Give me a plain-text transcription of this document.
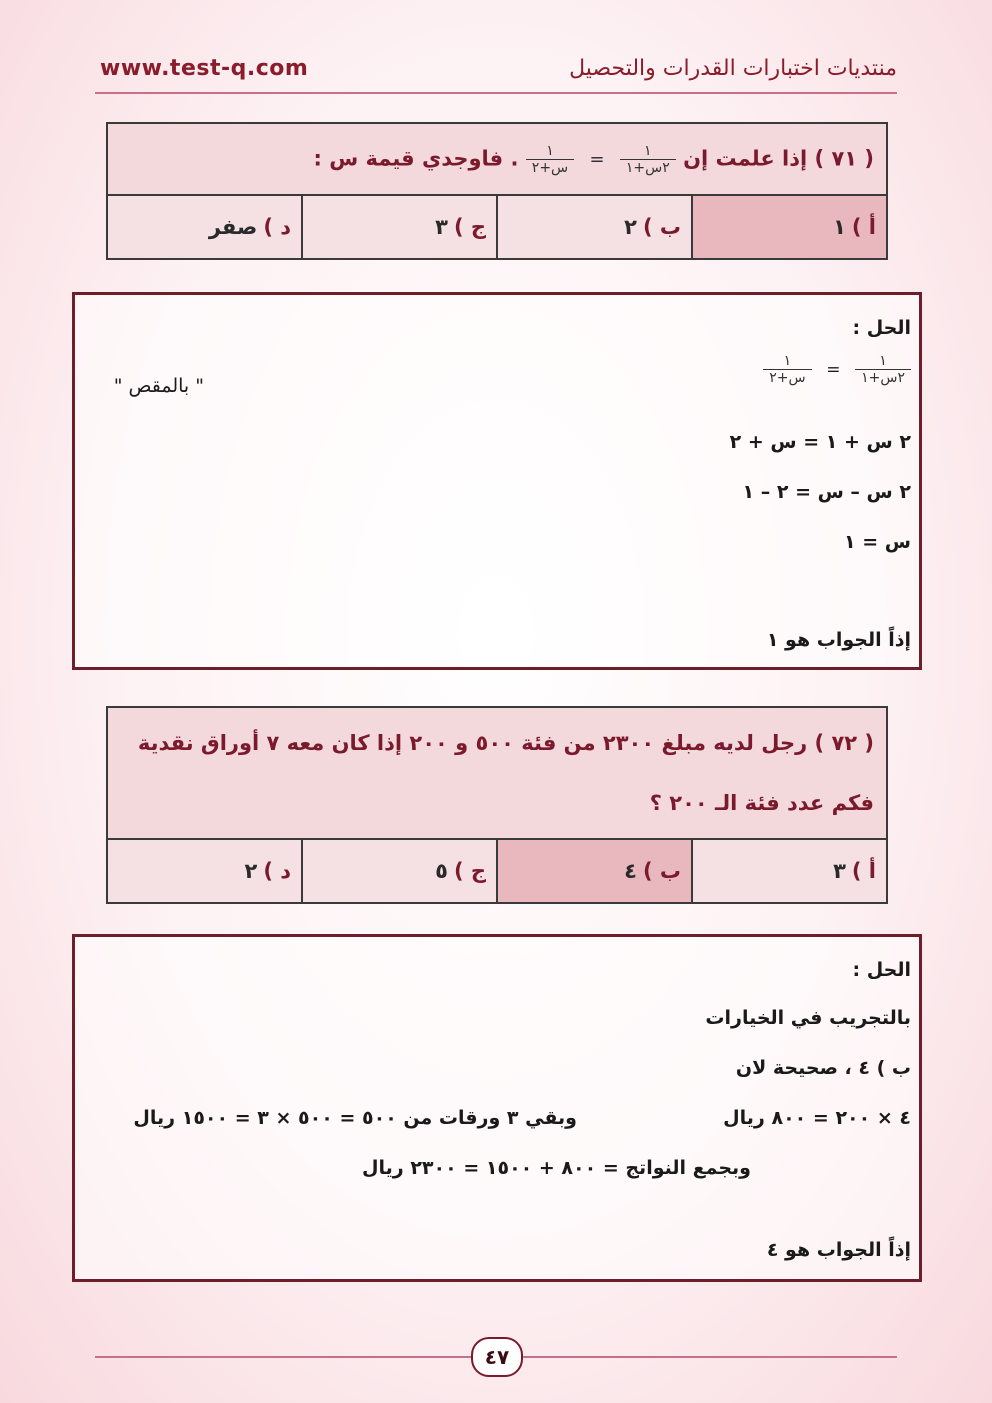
www.test-q.com	منتديات اختبارات القدرات والتحصيل
( ٧١ ) إذا علمت إن
$\frac{١}{\text{٢س+١}}$
=
$\frac{١}{\text{س+٢}}$
. فاوجدي قيمة س :
أ )١	ب )٢	ج )٣	د )صفر
الحل :
$\frac{١}{\text{٢س+١}}$
=
$\frac{١}{\text{س+٢}}$
" بالمقص "
٢ س + ١ = س + ٢
٢ س – س = ٢ – ١
س = ١
إذاً الجواب هو ١
( ٧٢ ) رجل لديه مبلغ ٢٣٠٠ من فئة ٥٠٠ و ٢٠٠ إذا كان معه ٧ أوراق نقدية
فكم عدد فئة الـ ٢٠٠ ؟

أ )٣	ب )٤	ج )٥	د )٢
الحل :
بالتجريب في الخيارات
ب ) ٤ ، صحيحة لان
٤ × ٢٠٠ = ٨٠٠ ريال
وبقي ٣ ورقات من ٥٠٠ = ٥٠٠ × ٣ = ١٥٠٠ ريال
وبجمع النواتج = ٨٠٠ + ١٥٠٠ = ٢٣٠٠ ريال
إذاً الجواب هو ٤
٤٧
